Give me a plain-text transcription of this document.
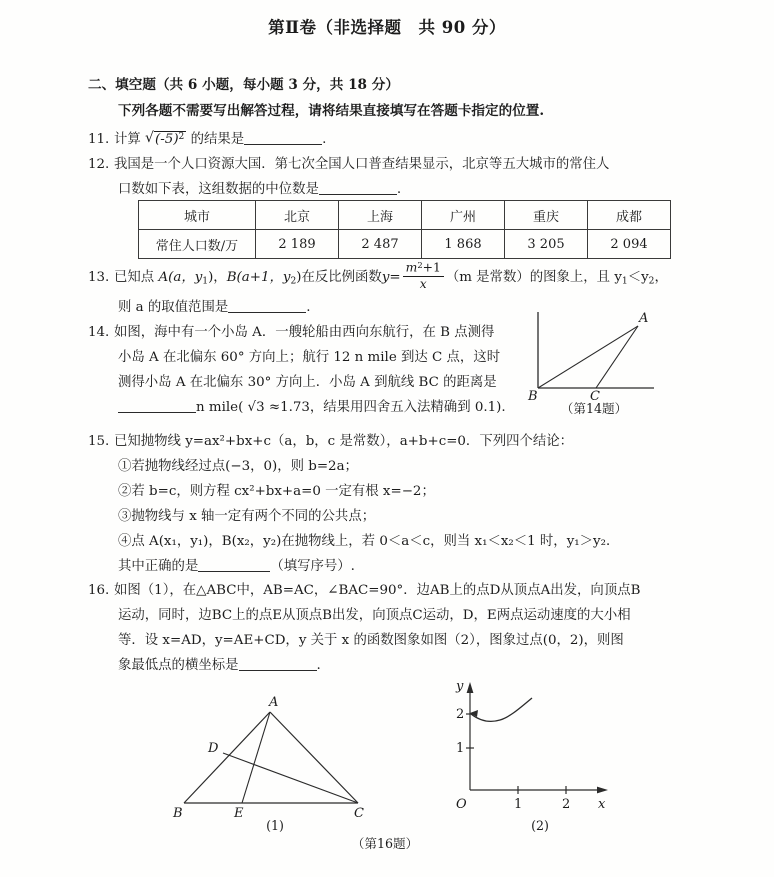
第Ⅱ卷（非选择题　共 90 分）
二、填空题（共 6 小题，每小题 3 分，共 18 分）
下列各题不需要写出解答过程，请将结果直接填写在答题卡指定的位置.
11. 计算 √ $(-5)^2$ 的结果是	.
12. 我国是一个人口资源大国．第七次全国人口普查结果显示，北京等五大城市的常住人
口数如下表，这组数据的中位数是	.
城市	北京	上海	广州	重庆	成都
常住人口数/万	2 189	2 487	1 868	3 205	2 094
13. 已知点 A(a，$y_1$)，B(a+1，$y_2$)在反比例函数$y= \frac{m^2+1}{x} (m$ 是常数）的图象上，且 $y_1<y_2$，
则 a 的取值范围是	.
14. 如图，海中有一个小岛 A．一艘轮船由西向东航行，在 B 点测得
小岛 A 在北偏东 60° 方向上；航行 12 n mile 到达 C 点，这时
测得小岛 A 在北偏东 30° 方向上．小岛 A 到航线 BC 的距离是
n mile( √3 ≈1.73，结果用四舍五入法精确到 0.1).
B	C
A
（第14题）
15. 已知抛物线 y=ax²+bx+c（a，b，c 是常数），a+b+c=0．下列四个结论：
①若抛物线经过点(−3，0)，则 b=2a；
②若 b=c，则方程 cx²+bx+a=0 一定有根 x=−2；
③抛物线与 x 轴一定有两个不同的公共点；
④点 A(x₁，y₁)，B(x₂，y₂)在抛物线上，若 0＜a＜c，则当 x₁＜x₂＜1 时，y₁＞y₂．
其中正确的是	（填写序号）.
16. 如图（1），在△ABC中，AB=AC，∠BAC=90°．边AB上的点D从顶点A出发，向顶点B
运动，同时，边BC上的点E从顶点B出发，向顶点C运动，D，E两点运动速度的大小相
等．设 x=AD，y=AE+CD，y 关于 x 的函数图象如图（2），图象过点(0，2)，则图
象最低点的横坐标是	.
A
D
B	E	C
(1)
2
1
1	2
O	x
y
(2)
（第16题）
